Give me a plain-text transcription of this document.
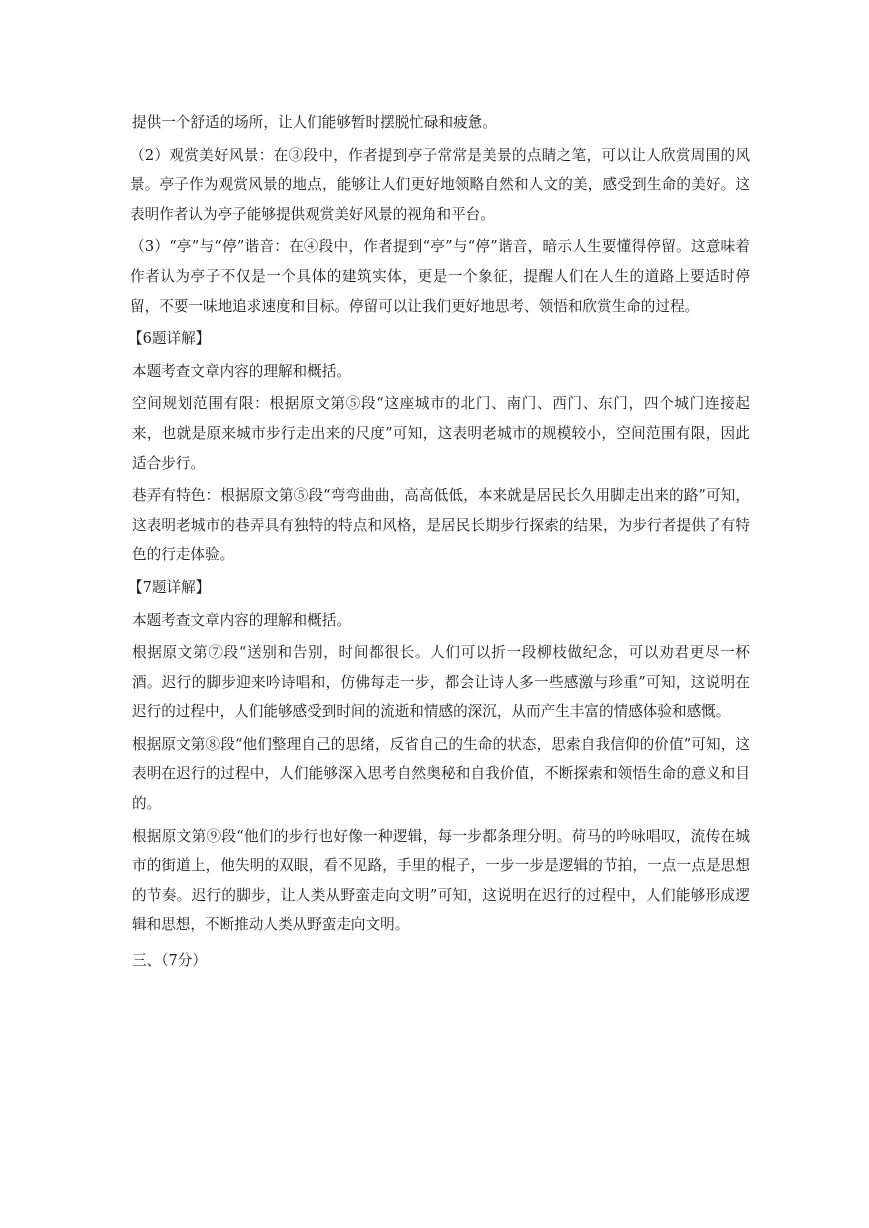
提供一个舒适的场所，让人们能够暂时摆脱忙碌和疲惫。

（2）观赏美好风景：在③段中，作者提到亭子常常是美景的点睛之笔，可以让人欣赏周围的风景。亭子作为观赏风景的地点，能够让人们更好地领略自然和人文的美，感受到生命的美好。这表明作者认为亭子能够提供观赏美好风景的视角和平台。

（3）“亭”与“停”谐音：在④段中，作者提到“亭”与“停”谐音，暗示人生要懂得停留。这意味着作者认为亭子不仅是一个具体的建筑实体，更是一个象征，提醒人们在人生的道路上要适时停留，不要一味地追求速度和目标。停留可以让我们更好地思考、领悟和欣赏生命的过程。

【6题详解】

本题考查文章内容的理解和概括。

空间规划范围有限：根据原文第⑤段“这座城市的北门、南门、西门、东门，四个城门连接起来，也就是原来城市步行走出来的尺度”可知，这表明老城市的规模较小，空间范围有限，因此适合步行。

巷弄有特色：根据原文第⑤段“弯弯曲曲，高高低低，本来就是居民长久用脚走出来的路”可知，这表明老城市的巷弄具有独特的特点和风格，是居民长期步行探索的结果，为步行者提供了有特色的行走体验。

【7题详解】

本题考查文章内容的理解和概括。

根据原文第⑦段“送别和告别，时间都很长。人们可以折一段柳枝做纪念，可以劝君更尽一杯酒。迟行的脚步迎来吟诗唱和，仿佛每走一步，都会让诗人多一些感激与珍重”可知，这说明在迟行的过程中，人们能够感受到时间的流逝和情感的深沉，从而产生丰富的情感体验和感慨。

根据原文第⑧段“他们整理自己的思绪，反省自己的生命的状态，思索自我信仰的价值”可知，这表明在迟行的过程中，人们能够深入思考自然奥秘和自我价值，不断探索和领悟生命的意义和目的。

根据原文第⑨段“他们的步行也好像一种逻辑，每一步都条理分明。荷马的吟咏唱叹，流传在城市的街道上，他失明的双眼，看不见路，手里的棍子，一步一步是逻辑的节拍，一点一点是思想的节奏。迟行的脚步，让人类从野蛮走向文明”可知，这说明在迟行的过程中，人们能够形成逻辑和思想，不断推动人类从野蛮走向文明。

三、（7分）
